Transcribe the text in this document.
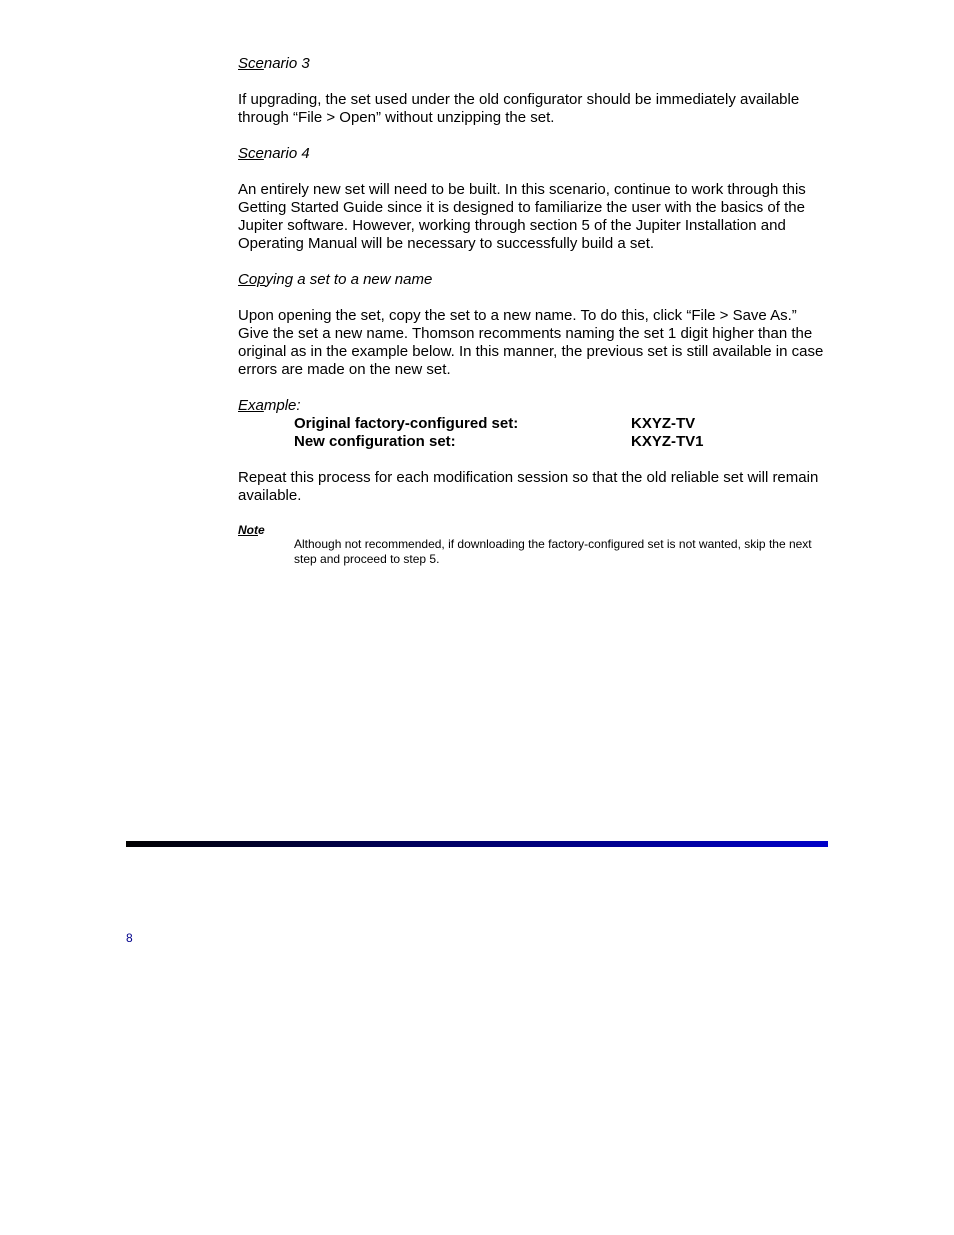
Scenario 3

If upgrading, the set used under the old configurator should be immediately available through “File > Open” without unzipping the set.

Scenario 4

An entirely new set will need to be built. In this scenario, continue to work through this Getting Started Guide since it is designed to familiarize the user with the basics of the Jupiter software. However, working through section 5 of the Jupiter Installation and Operating Manual will be necessary to successfully build a set.

Copying a set to a new name

Upon opening the set, copy the set to a new name. To do this, click “File > Save As.” Give the set a new name. Thomson recomments naming the set 1 digit higher than the original as in the example below. In this manner, the previous set is still available in case errors are made on the new set.

Example:
Original factory-configured set:	KXYZ-TV
New configuration set:	KXYZ-TV1

Repeat this process for each modification session so that the old reliable set will remain available.

Note
Although not recommended, if downloading the factory-configured set is not wanted, skip the next step and proceed to step 5.
8
